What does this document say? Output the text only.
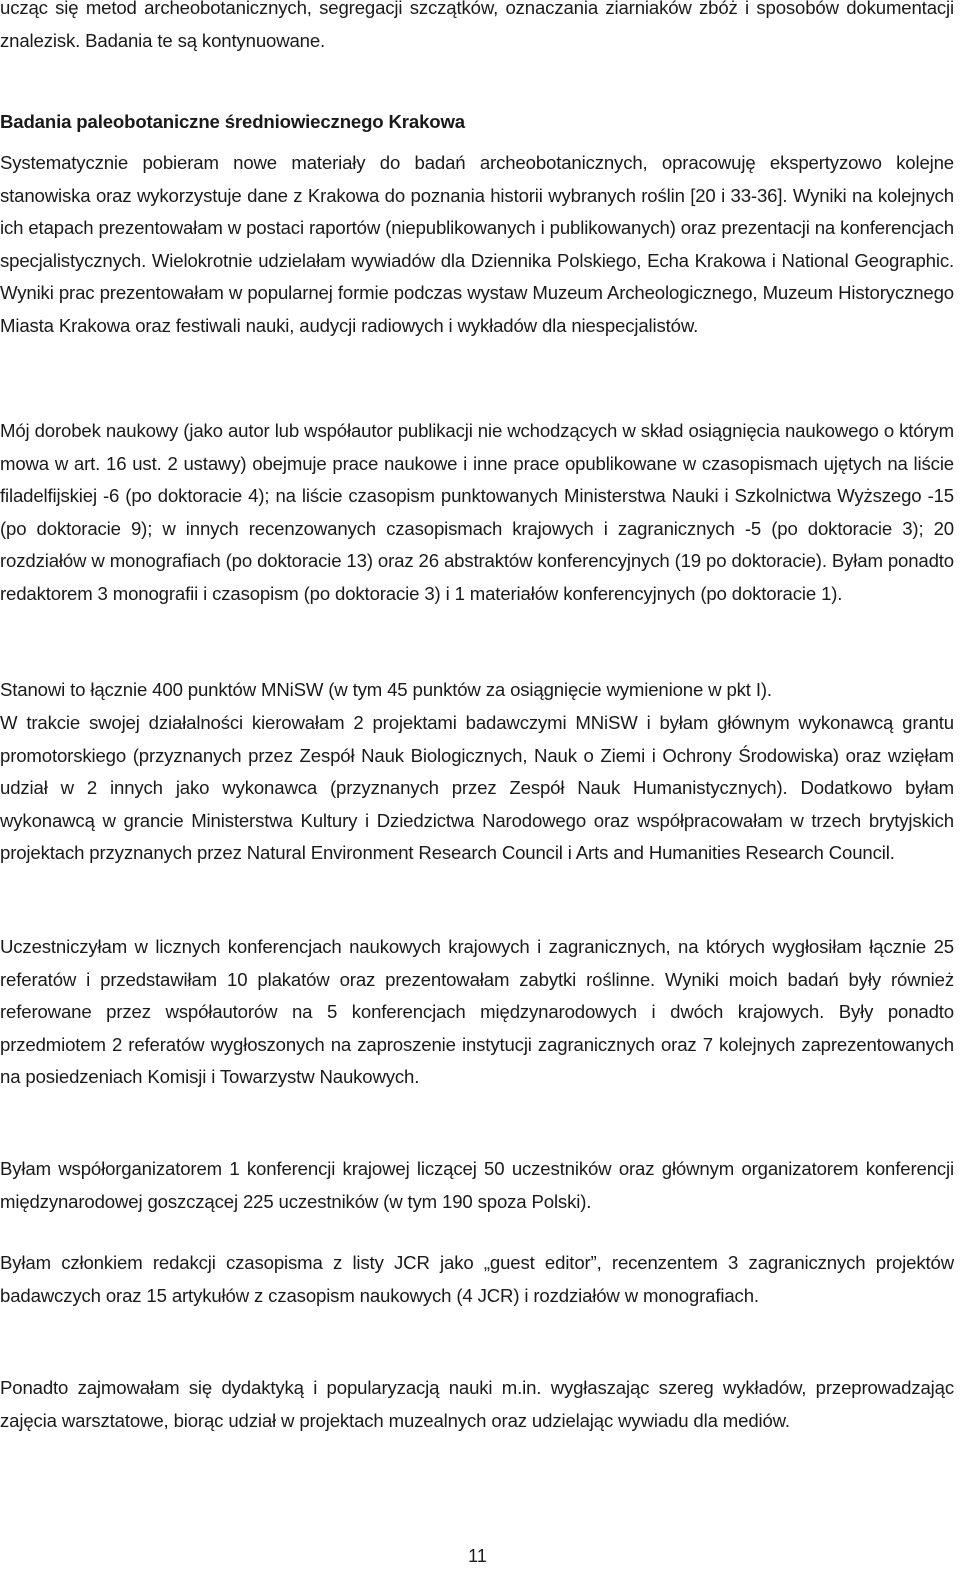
ucząc się metod archeobotanicznych, segregacji szczątków, oznaczania ziarniaków zbóż i sposobów dokumentacji znalezisk. Badania te są kontynuowane.

Badania paleobotaniczne średniowiecznego Krakowa

Systematycznie pobieram nowe materiały do badań archeobotanicznych, opracowuję ekspertyzowo kolejne stanowiska oraz wykorzystuje dane z Krakowa do poznania historii wybranych roślin [20 i 33-36]. Wyniki na kolejnych ich etapach prezentowałam w postaci raportów (niepublikowanych i publikowanych) oraz prezentacji na konferencjach specjalistycznych. Wielokrotnie udzielałam wywiadów dla Dziennika Polskiego, Echa Krakowa i National Geographic. Wyniki prac prezentowałam w popularnej formie podczas wystaw Muzeum Archeologicznego, Muzeum Historycznego Miasta Krakowa oraz festiwali nauki, audycji radiowych i wykładów dla niespecjalistów.

Mój dorobek naukowy (jako autor lub współautor publikacji nie wchodzących w skład osiągnięcia naukowego o którym mowa w art. 16 ust. 2 ustawy) obejmuje prace naukowe i inne prace opublikowane w czasopismach ujętych na liście filadelfijskiej -6 (po doktoracie 4); na liście czasopism punktowanych Ministerstwa Nauki i Szkolnictwa Wyższego -15 (po doktoracie 9); w innych recenzowanych czasopismach krajowych i zagranicznych -5 (po doktoracie 3); 20 rozdziałów w monografiach (po doktoracie 13) oraz 26 abstraktów konferencyjnych (19 po doktoracie). Byłam ponadto redaktorem 3 monografii i czasopism (po doktoracie 3) i 1 materiałów konferencyjnych (po doktoracie 1).

Stanowi to łącznie 400 punktów MNiSW (w tym 45 punktów za osiągnięcie wymienione w pkt I).

W trakcie swojej działalności kierowałam 2 projektami badawczymi MNiSW i byłam głównym wykonawcą grantu promotorskiego (przyznanych przez Zespół Nauk Biologicznych, Nauk o Ziemi i Ochrony Środowiska) oraz wzięłam udział w 2 innych jako wykonawca (przyznanych przez Zespół Nauk Humanistycznych). Dodatkowo byłam wykonawcą w grancie Ministerstwa Kultury i Dziedzictwa Narodowego oraz współpracowałam w trzech brytyjskich projektach przyznanych przez Natural Environment Research Council i Arts and Humanities Research Council.

Uczestniczyłam w licznych konferencjach naukowych krajowych i zagranicznych, na których wygłosiłam łącznie 25 referatów i przedstawiłam 10 plakatów oraz prezentowałam zabytki roślinne. Wyniki moich badań były również referowane przez współautorów na 5 konferencjach międzynarodowych i dwóch krajowych. Były ponadto przedmiotem 2 referatów wygłoszonych na zaproszenie instytucji zagranicznych oraz 7 kolejnych zaprezentowanych na posiedzeniach Komisji i Towarzystw Naukowych.

Byłam współorganizatorem 1 konferencji krajowej liczącej 50 uczestników oraz głównym organizatorem konferencji międzynarodowej goszczącej 225 uczestników (w tym 190 spoza Polski).

Byłam członkiem redakcji czasopisma z listy JCR jako „guest editor”, recenzentem 3 zagranicznych projektów badawczych oraz 15 artykułów z czasopism naukowych (4 JCR) i rozdziałów w monografiach.

Ponadto zajmowałam się dydaktyką i popularyzacją nauki m.in. wygłaszając szereg wykładów, przeprowadzając zajęcia warsztatowe, biorąc udział w projektach muzealnych oraz udzielając wywiadu dla mediów.

11
